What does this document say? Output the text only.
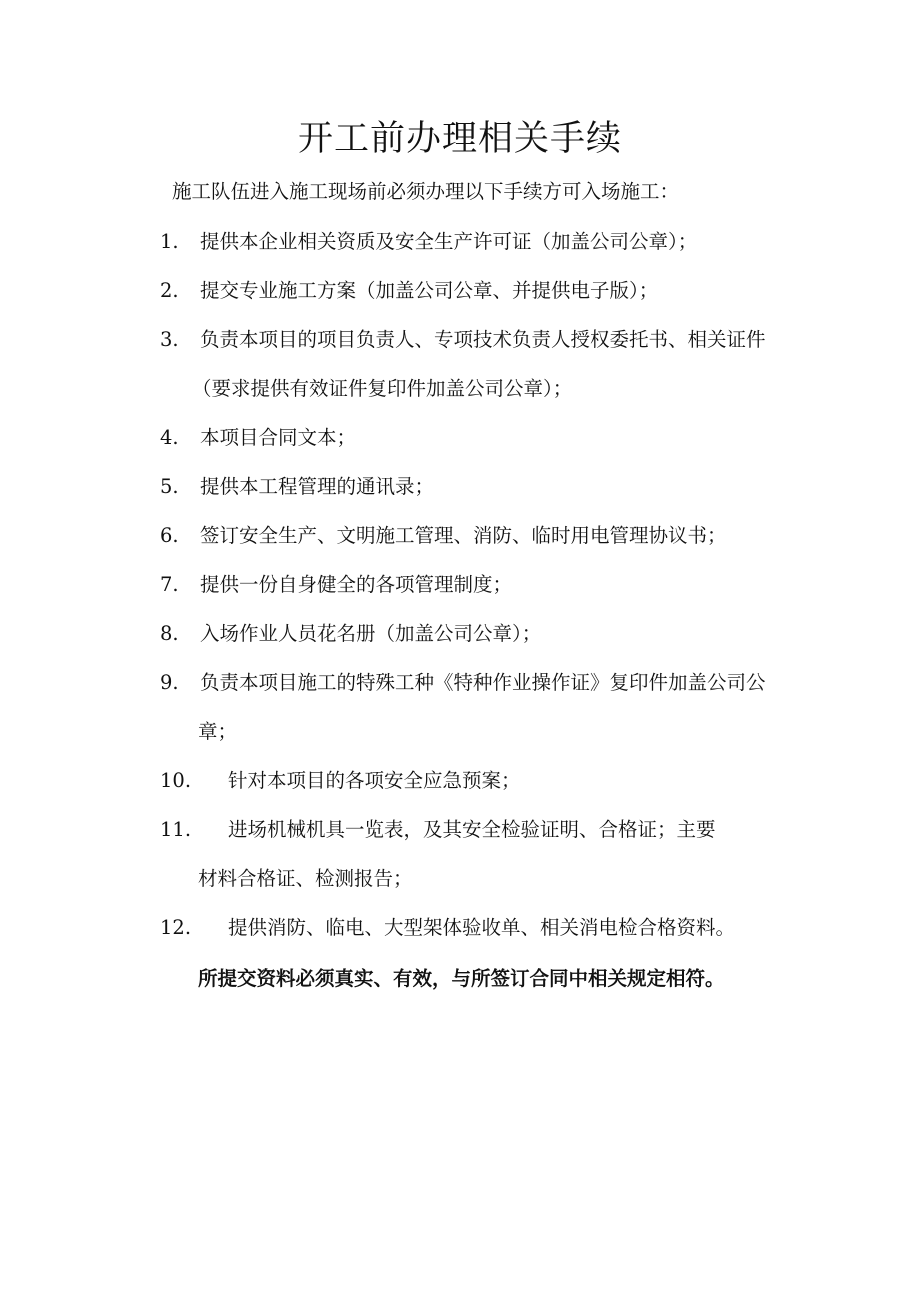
开工前办理相关手续

施工队伍进入施工现场前必须办理以下手续方可入场施工：

1. 提供本企业相关资质及安全生产许可证（加盖公司公章）；

2. 提交专业施工方案（加盖公司公章、并提供电子版）；

3. 负责本项目的项目负责人、专项技术负责人授权委托书、相关证件

（要求提供有效证件复印件加盖公司公章）；

4. 本项目合同文本；

5. 提供本工程管理的通讯录；

6. 签订安全生产、文明施工管理、消防、临时用电管理协议书；

7. 提供一份自身健全的各项管理制度；

8. 入场作业人员花名册（加盖公司公章）；

9. 负责本项目施工的特殊工种《特种作业操作证》复印件加盖公司公

章；

10. 针对本项目的各项安全应急预案；

11. 进场机械机具一览表，及其安全检验证明、合格证；主要

材料合格证、检测报告；

12. 提供消防、临电、大型架体验收单、相关消电检合格资料。

所提交资料必须真实、有效，与所签订合同中相关规定相符。
